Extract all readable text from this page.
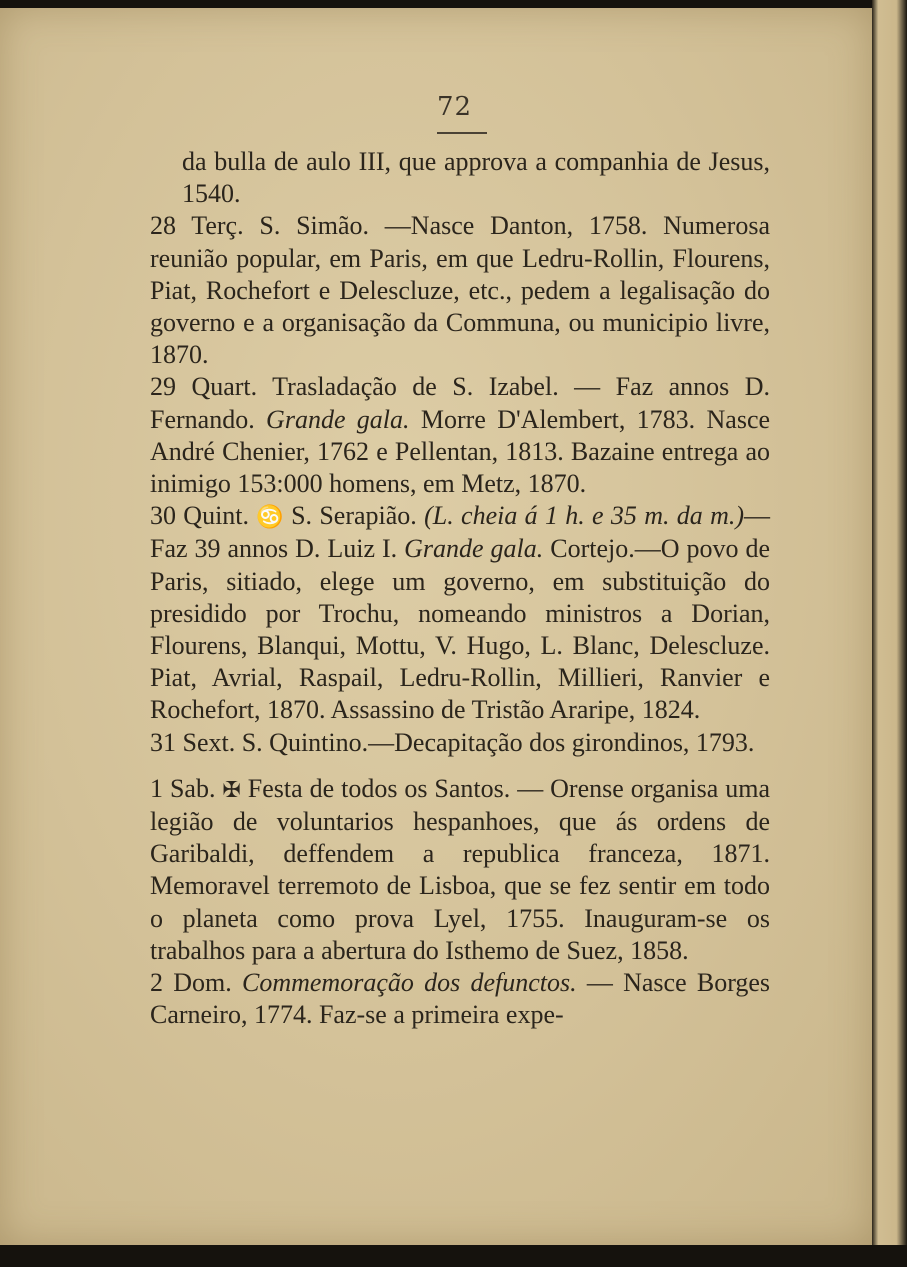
72

da bulla de aulo III, que approva a companhia de Jesus, 1540.

28 Terç. S. Simão. —Nasce Danton, 1758. Numerosa reunião popular, em Paris, em que Ledru-Rollin, Flourens, Piat, Rochefort e Delescluze, etc., pedem a legalisação do governo e a organisação da Communa, ou municipio livre, 1870.

29 Quart. Trasladação de S. Izabel. — Faz annos D. Fernando. Grande gala. Morre D'Alembert, 1783. Nasce André Chenier, 1762 e Pellentan, 1813. Bazaine entrega ao inimigo 153:000 homens, em Metz, 1870.

30 Quint. ♋ S. Serapião. (L. cheia á 1 h. e 35 m. da m.)—Faz 39 annos D. Luiz I. Grande gala. Cortejo.—O povo de Paris, sitiado, elege um governo, em substituição do presidido por Trochu, nomeando ministros a Dorian, Flourens, Blanqui, Mottu, V. Hugo, L. Blanc, Delescluze. Piat, Avrial, Raspail, Ledru-Rollin, Millieri, Ranvier e Rochefort, 1870. Assassino de Tristão Araripe, 1824.

31 Sext. S. Quintino.—Decapitação dos girondinos, 1793.

1 Sab. ✠ Festa de todos os Santos. — Orense organisa uma legião de voluntarios hespanhoes, que ás ordens de Garibaldi, deffendem a republica franceza, 1871. Memoravel terremoto de Lisboa, que se fez sentir em todo o planeta como prova Lyel, 1755. Inauguram-se os trabalhos para a abertura do Isthemo de Suez, 1858.

2 Dom. Commemoração dos defunctos. — Nasce Borges Carneiro, 1774. Faz-se a primeira expe-
